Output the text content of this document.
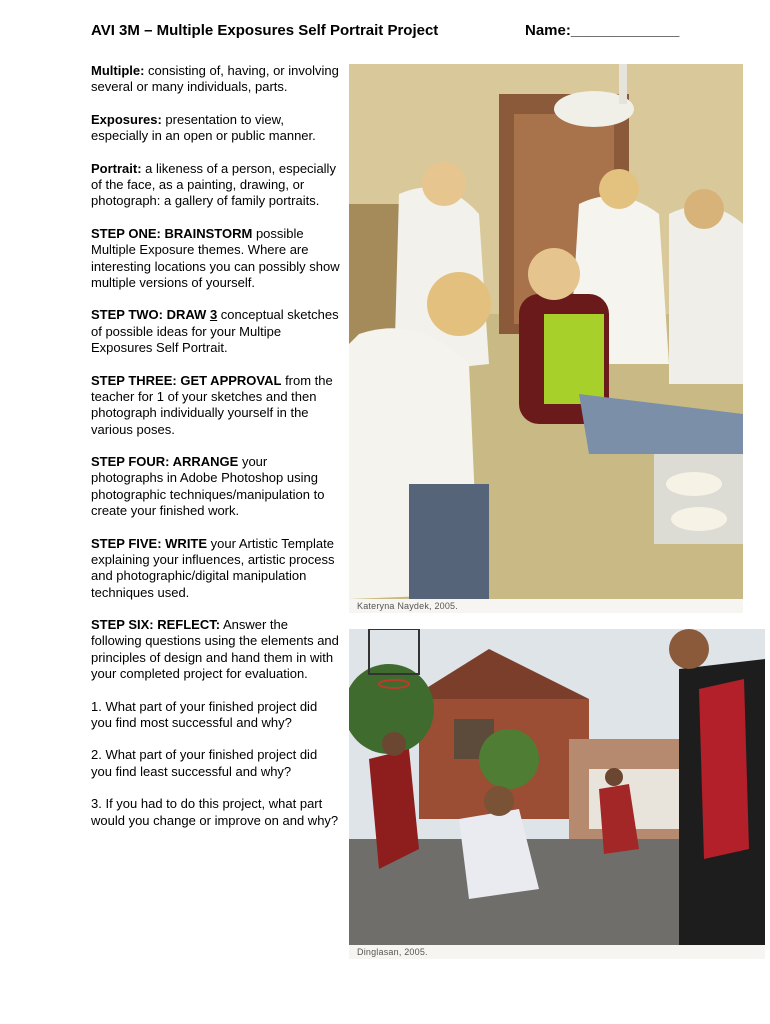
AVI 3M – Multiple Exposures Self Portrait Project	Name:_____________

Multiple: consisting of, having, or involving several or many individuals, parts.

Exposures: presentation to view, especially in an open or public manner.

Portrait: a likeness of a person, especially of the face, as a painting, drawing, or photograph: a gallery of family portraits.

STEP ONE: BRAINSTORM possible Multiple Exposure themes. Where are interesting locations you can possibly show multiple versions of yourself.

STEP TWO: DRAW 3 conceptual sketches of possible ideas for your Multipe Exposures Self Portrait.

STEP THREE: GET APPROVAL from the teacher for 1 of your sketches and then photograph individually yourself in the various poses.

STEP FOUR: ARRANGE your photographs in Adobe Photoshop using photographic techniques/manipulation to create your finished work.

STEP FIVE: WRITE your Artistic Template explaining your influences, artistic process and photographic/digital manipulation techniques used.

STEP SIX: REFLECT: Answer the following questions using the elements and principles of design and hand them in with your completed project for evaluation.

1. What part of your finished project did you find most successful and why?

2. What part of your finished project did you find least successful and why?

3. If you had to do this project, what part would you change or improve on and why?

Kateryna Naydek, 2005.
Dinglasan, 2005.
